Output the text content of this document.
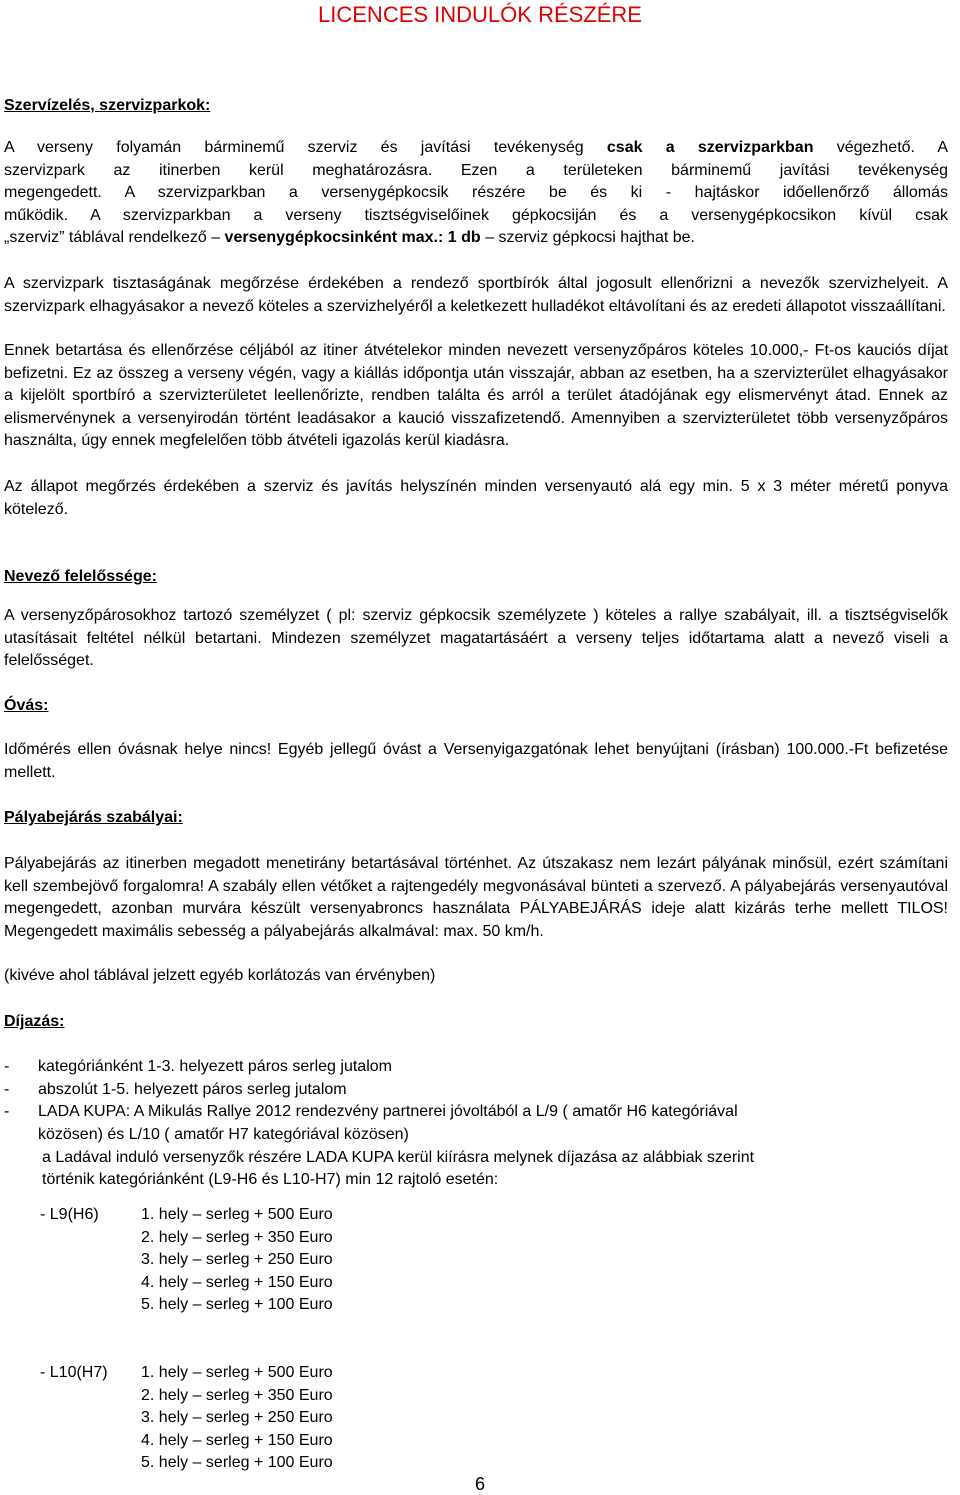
LICENCES INDULÓK RÉSZÉRE
Szervízelés, szervizparkok:
A verseny folyamán bárminemű szerviz és javítási tevékenység csak a szervizparkban végezhető. A
szervizpark az itinerben kerül meghatározásra. Ezen a területeken bárminemű javítási tevékenység
megengedett. A szervizparkban a versenygépkocsik részére be és ki - hajtáskor időellenőrző állomás
működik. A szervizparkban a verseny tisztségviselőinek gépkocsiján és a versenygépkocsikon kívül csak
„szerviz” táblával rendelkező – versenygépkocsinként max.: 1 db – szerviz gépkocsi hajthat be.
A szervizpark tisztaságának megőrzése érdekében a rendező sportbírók által jogosult ellenőrizni a nevezők szervizhelyeit. A szervizpark elhagyásakor a nevező köteles a szervizhelyéről a keletkezett hulladékot eltávolítani és az eredeti állapotot visszaállítani.
Ennek betartása és ellenőrzése céljából az itiner átvételekor minden nevezett versenyzőpáros köteles 10.000,- Ft-os kauciós díjat befizetni. Ez az összeg a verseny végén, vagy a kiállás időpontja után visszajár, abban az esetben, ha a szervizterület elhagyásakor a kijelölt sportbíró a szervizterületet leellenőrizte, rendben találta és arról a terület átadójának egy elismervényt átad. Ennek az elismervénynek a versenyirodán történt leadásakor a kaució visszafizetendő. Amennyiben a szervizterületet több versenyzőpáros használta, úgy ennek megfelelően több átvételi igazolás kerül kiadásra.
Az állapot megőrzés érdekében a szerviz és javítás helyszínén minden versenyautó alá egy min. 5 x 3 méter méretű ponyva kötelező.
Nevező felelőssége:
A versenyzőpárosokhoz tartozó személyzet ( pl: szerviz gépkocsik személyzete ) köteles a rallye szabályait, ill. a tisztségviselők utasításait feltétel nélkül betartani. Mindezen személyzet magatartásáért a verseny teljes időtartama alatt a nevező viseli a felelősséget.
Óvás:
Időmérés ellen óvásnak helye nincs! Egyéb jellegű óvást a Versenyigazgatónak lehet benyújtani (írásban) 100.000.-Ft befizetése mellett.
Pályabejárás szabályai:
Pályabejárás az itinerben megadott menetirány betartásával történhet. Az útszakasz nem lezárt pályának minősül, ezért számítani kell szembejövő forgalomra! A szabály ellen vétőket a rajtengedély megvonásával bünteti a szervező. A pályabejárás versenyautóval megengedett, azonban murvára készült versenyabroncs használata PÁLYABEJÁRÁS ideje alatt kizárás terhe mellett TILOS! Megengedett maximális sebesség a pályabejárás alkalmával: max. 50 km/h.
(kivéve ahol táblával jelzett egyéb korlátozás van érvényben)
Díjazás:
- kategóriánként 1-3. helyezett páros serleg jutalom
- abszolút 1-5. helyezett páros serleg jutalom
- LADA KUPA: A Mikulás Rallye 2012 rendezvény partnerei jóvoltából a L/9 ( amatőr H6 kategóriával
közösen) és L/10 ( amatőr H7 kategóriával közösen)
a Ladával induló versenyzők részére LADA KUPA kerül kiírásra melynek díjazása az alábbiak szerint
történik kategóriánként (L9-H6 és L10-H7) min 12 rajtoló esetén:
- L9(H6)	1. hely – serleg + 500 Euro
2. hely – serleg + 350 Euro
3. hely – serleg + 250 Euro
4. hely – serleg + 150 Euro
5. hely – serleg + 100 Euro
- L10(H7) 1. hely – serleg + 500 Euro
2. hely – serleg + 350 Euro
3. hely – serleg + 250 Euro
4. hely – serleg + 150 Euro
5. hely – serleg + 100 Euro
6
